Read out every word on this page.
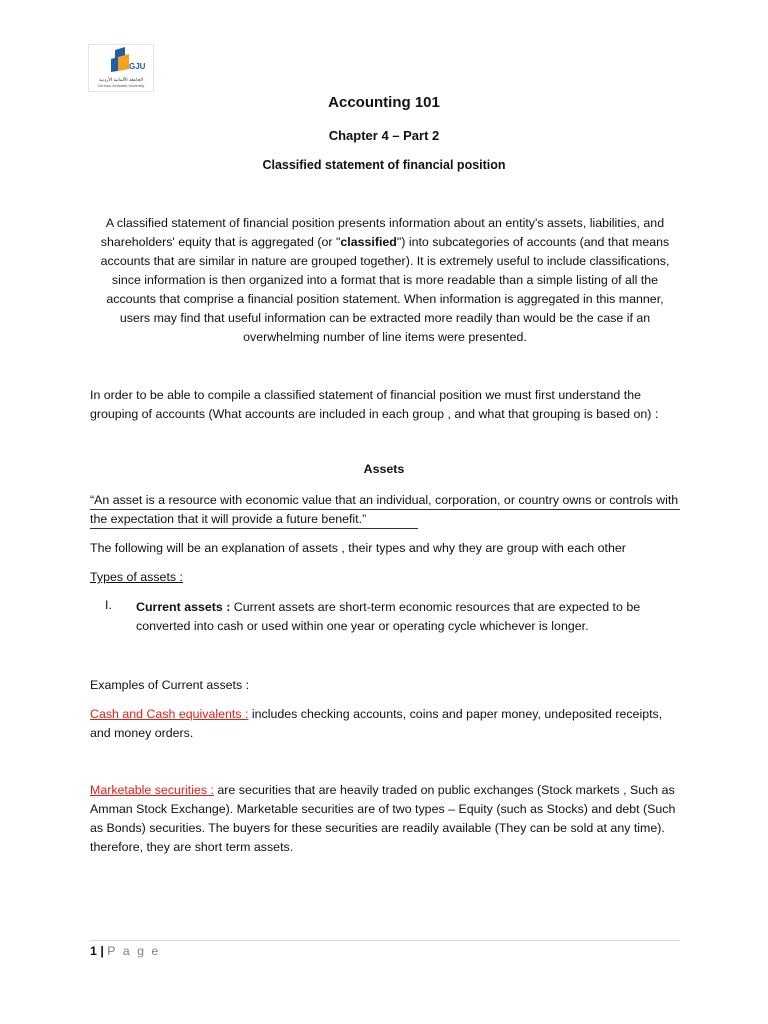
GJU
الجامعة الألمانية الأردنية
German Jordanian University
Accounting 101
Chapter 4 – Part 2
Classified statement of financial position
A classified statement of financial position presents information about an entity's assets, liabilities, and shareholders' equity that is aggregated (or "classified") into subcategories of accounts (and that means accounts that are similar in nature are grouped together). It is extremely useful to include classifications, since information is then organized into a format that is more readable than a simple listing of all the accounts that comprise a financial position statement. When information is aggregated in this manner, users may find that useful information can be extracted more readily than would be the case if an overwhelming number of line items were presented.
In order to be able to compile a classified statement of financial position we must first understand the grouping of accounts (What accounts are included in each group , and what that grouping is based on) :
Assets
“An asset is a resource with economic value that an individual, corporation, or country owns or controls with the expectation that it will provide a future benefit.”
The following will be an explanation of assets , their types and why they are group with each other
Types of assets :
I. Current assets : Current assets are short-term economic resources that are expected to be converted into cash or used within one year or operating cycle whichever is longer.
Examples of Current assets :
Cash and Cash equivalents : includes checking accounts, coins and paper money, undeposited receipts, and money orders.
Marketable securities : are securities that are heavily traded on public exchanges (Stock markets , Such as Amman Stock Exchange). Marketable securities are of two types – Equity (such as Stocks) and debt (Such as Bonds) securities. The buyers for these securities are readily available (They can be sold at any time). therefore, they are short term assets.
1 | P a g e
